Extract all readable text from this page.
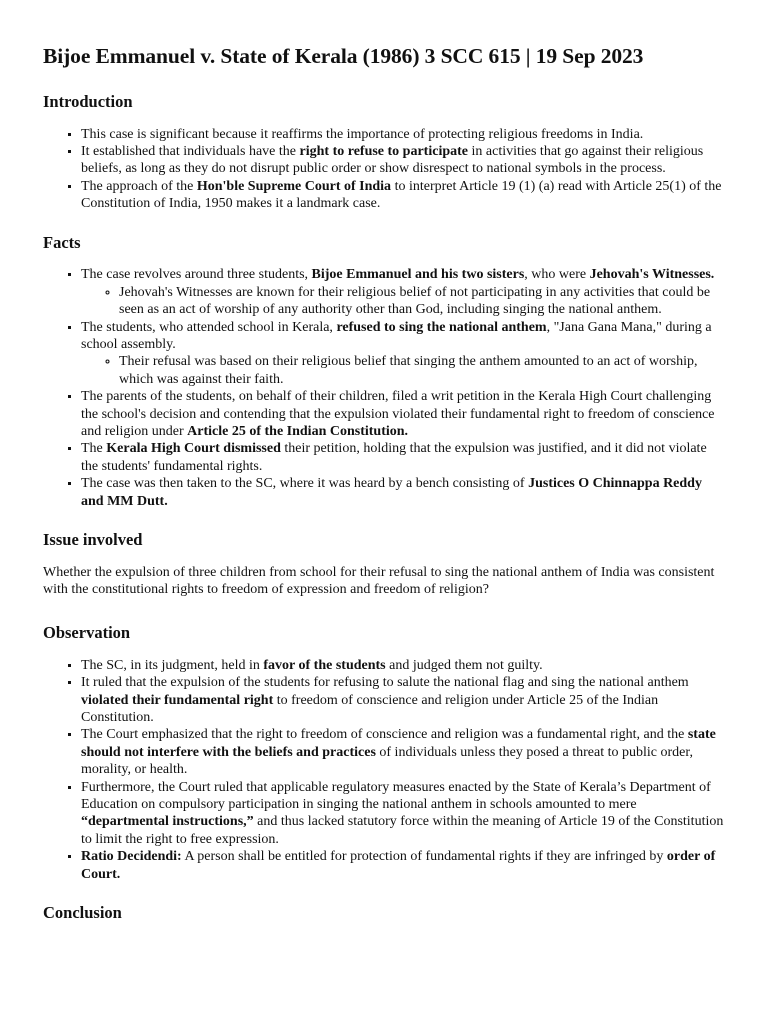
Bijoe Emmanuel v. State of Kerala (1986) 3 SCC 615 | 19 Sep 2023
Introduction
▪ This case is significant because it reaffirms the importance of protecting religious freedoms in India.
▪ It established that individuals have the right to refuse to participate in activities that go against their religious beliefs, as long as they do not disrupt public order or show disrespect to national symbols in the process.
▪ The approach of the Hon'ble Supreme Court of India to interpret Article 19 (1) (a) read with Article 25(1) of the Constitution of India, 1950 makes it a landmark case.
Facts
▪ The case revolves around three students, Bijoe Emmanuel and his two sisters, who were Jehovah's Witnesses.
◦ Jehovah's Witnesses are known for their religious belief of not participating in any activities that could be seen as an act of worship of any authority other than God, including singing the national anthem.
▪ The students, who attended school in Kerala, refused to sing the national anthem, "Jana Gana Mana," during a school assembly.
◦ Their refusal was based on their religious belief that singing the anthem amounted to an act of worship, which was against their faith.
▪ The parents of the students, on behalf of their children, filed a writ petition in the Kerala High Court challenging the school's decision and contending that the expulsion violated their fundamental right to freedom of conscience and religion under Article 25 of the Indian Constitution.
▪ The Kerala High Court dismissed their petition, holding that the expulsion was justified, and it did not violate the students' fundamental rights.
▪ The case was then taken to the SC, where it was heard by a bench consisting of Justices O Chinnappa Reddy and MM Dutt.
Issue involved

Whether the expulsion of three children from school for their refusal to sing the national anthem of India was consistent with the constitutional rights to freedom of expression and freedom of religion?

Observation
▪ The SC, in its judgment, held in favor of the students and judged them not guilty.
▪ It ruled that the expulsion of the students for refusing to salute the national flag and sing the national anthem violated their fundamental right to freedom of conscience and religion under Article 25 of the Indian Constitution.
▪ The Court emphasized that the right to freedom of conscience and religion was a fundamental right, and the state should not interfere with the beliefs and practices of individuals unless they posed a threat to public order, morality, or health.
▪ Furthermore, the Court ruled that applicable regulatory measures enacted by the State of Kerala’s Department of Education on compulsory participation in singing the national anthem in schools amounted to mere “departmental instructions,” and thus lacked statutory force within the meaning of Article 19 of the Constitution to limit the right to free expression.
▪ Ratio Decidendi: A person shall be entitled for protection of fundamental rights if they are infringed by order of Court.
Conclusion
